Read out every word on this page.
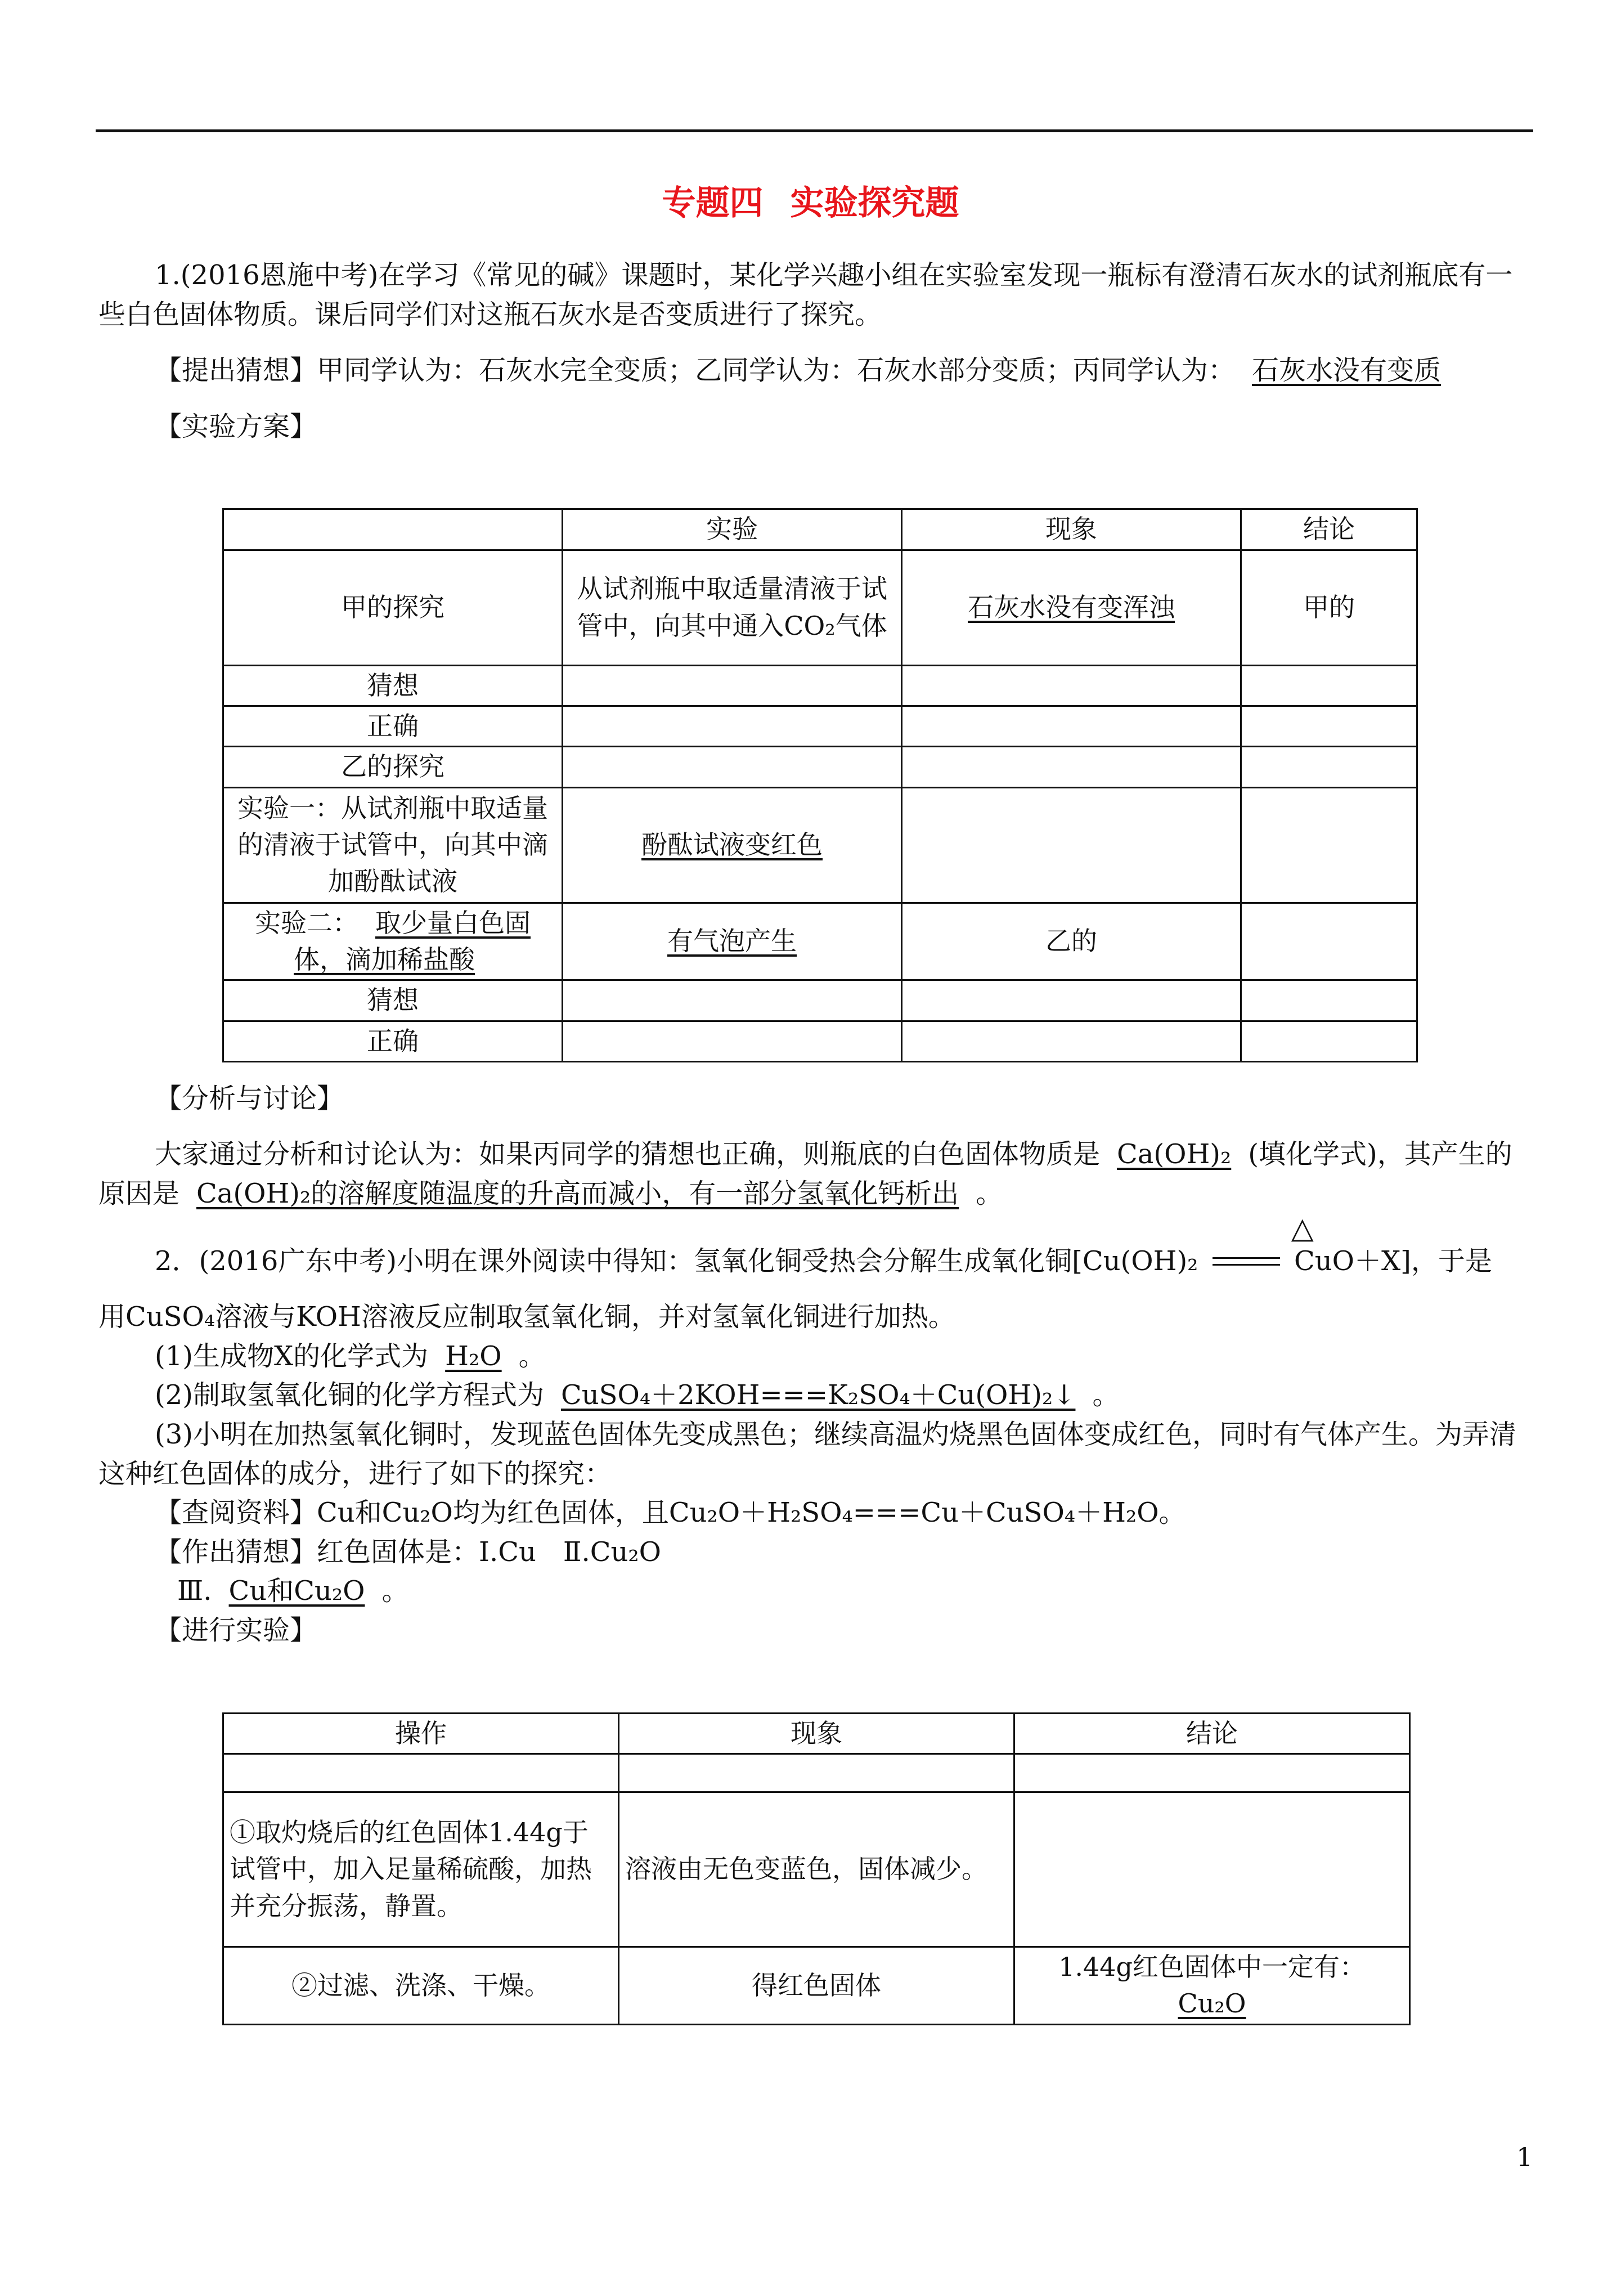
专题四 实验探究题

1.(2016恩施中考)在学习《常见的碱》课题时，某化学兴趣小组在实验室发现一瓶标有澄清石灰水的试剂瓶底有一些白色固体物质。课后同学们对这瓶石灰水是否变质进行了探究。

【提出猜想】甲同学认为：石灰水完全变质；乙同学认为：石灰水部分变质；丙同学认为： 石灰水没有变质

【实验方案】

	实验	现象	结论
甲的探究	从试剂瓶中取适量清液于试管中，向其中通入CO₂气体	石灰水没有变浑浊	甲的
猜想			
正确			
乙的探究			
实验一：从试剂瓶中取适量的清液于试管中，向其中滴加酚酞试液	酚酞试液变红色		
实验二： 取少量白色固体，滴加稀盐酸	有气泡产生	乙的	
猜想			
正确			

【分析与讨论】

大家通过分析和讨论认为：如果丙同学的猜想也正确，则瓶底的白色固体物质是 Ca(OH)₂ (填化学式)，其产生的原因是 Ca(OH)₂的溶解度随温度的升高而减小，有一部分氢氧化钙析出 。

2．(2016广东中考)小明在课外阅读中得知：氢氧化铜受热会分解生成氧化铜[Cu(OH)₂
△
CuO＋X]，于是

用CuSO₄溶液与KOH溶液反应制取氢氧化铜，并对氢氧化铜进行加热。

(1)生成物X的化学式为 H₂O 。

(2)制取氢氧化铜的化学方程式为 CuSO₄＋2KOH===K₂SO₄＋Cu(OH)₂↓ 。

(3)小明在加热氢氧化铜时，发现蓝色固体先变成黑色；继续高温灼烧黑色固体变成红色，同时有气体产生。为弄清这种红色固体的成分，进行了如下的探究：

【查阅资料】Cu和Cu₂O均为红色固体，且Cu₂O＋H₂SO₄===Cu＋CuSO₄＋H₂O。

【作出猜想】红色固体是：Ⅰ.Cu　Ⅱ.Cu₂O

Ⅲ. Cu和Cu₂O 。

【进行实验】

操作	现象	结论

①取灼烧后的红色固体1.44g于试管中，加入足量稀硫酸，加热并充分振荡，静置。	溶液由无色变蓝色，固体减少。	
②过滤、洗涤、干燥。	得红色固体	1.44g红色固体中一定有：
Cu₂O
1
